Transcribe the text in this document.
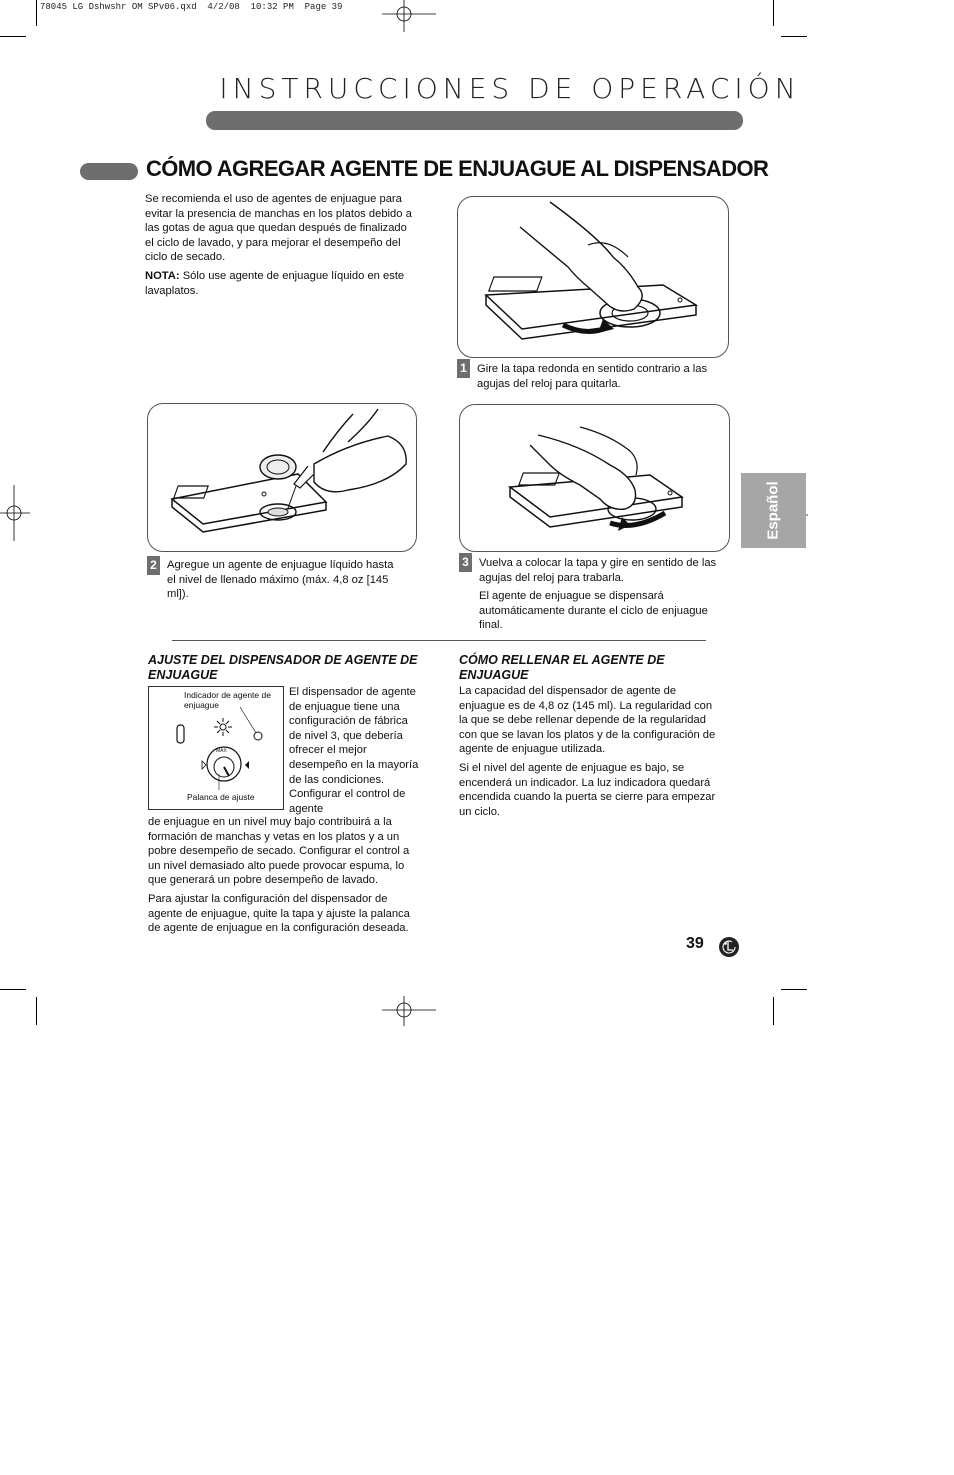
78045 LG Dshwshr OM SPv06.qxd  4/2/08  10:32 PM  Page 39
INSTRUCCIONES DE OPERACIÓN
CÓMO AGREGAR AGENTE DE ENJUAGUE AL DISPENSADOR

Se recomienda el uso de agentes de enjuague para evitar la presencia de manchas en los platos debido a las gotas de agua que quedan después de finalizado el ciclo de lavado, y para mejorar el desempeño del ciclo de secado.

NOTA: Sólo use agente de enjuague líquido en este lavaplatos.

1 Gire la tapa redonda en sentido contrario a las agujas del reloj para quitarla.
2 Agregue un agente de enjuague líquido hasta el nivel de llenado máximo (máx. 4,8 oz [145 ml]).
3 Vuelva a colocar la tapa y gire en sentido de las agujas del reloj para trabarla.

El agente de enjuague se dispensará automáticamente durante el ciclo de enjuague final.

Español
AJUSTE DEL DISPENSADOR DE AGENTE DE ENJUAGUE
MAX
Indicador de agente de enjuague
Palanca de ajuste
El dispensador de agente de enjuague tiene una configuración de fábrica de nivel 3, que debería ofrecer el mejor desempeño en la mayoría de las condiciones. Configurar el control de agente

de enjuague en un nivel muy bajo contribuirá a la formación de manchas y vetas en los platos y a un pobre desempeño de secado. Configurar el control a un nivel demasiado alto puede provocar espuma, lo que generará un pobre desempeño de lavado.

Para ajustar la configuración del dispensador de agente de enjuague, quite la tapa y ajuste la palanca de agente de enjuague en la configuración deseada.

CÓMO RELLENAR EL AGENTE DE ENJUAGUE

La capacidad del dispensador de agente de enjuague es de 4,8 oz (145 ml). La regularidad con la que se debe rellenar depende de la regularidad con que se lavan los platos y de la configuración de agente de enjuague utilizada.

Si el nivel del agente de enjuague es bajo, se encenderá un indicador. La luz indicadora quedará encendida cuando la puerta se cierre para empezar un ciclo.

39
